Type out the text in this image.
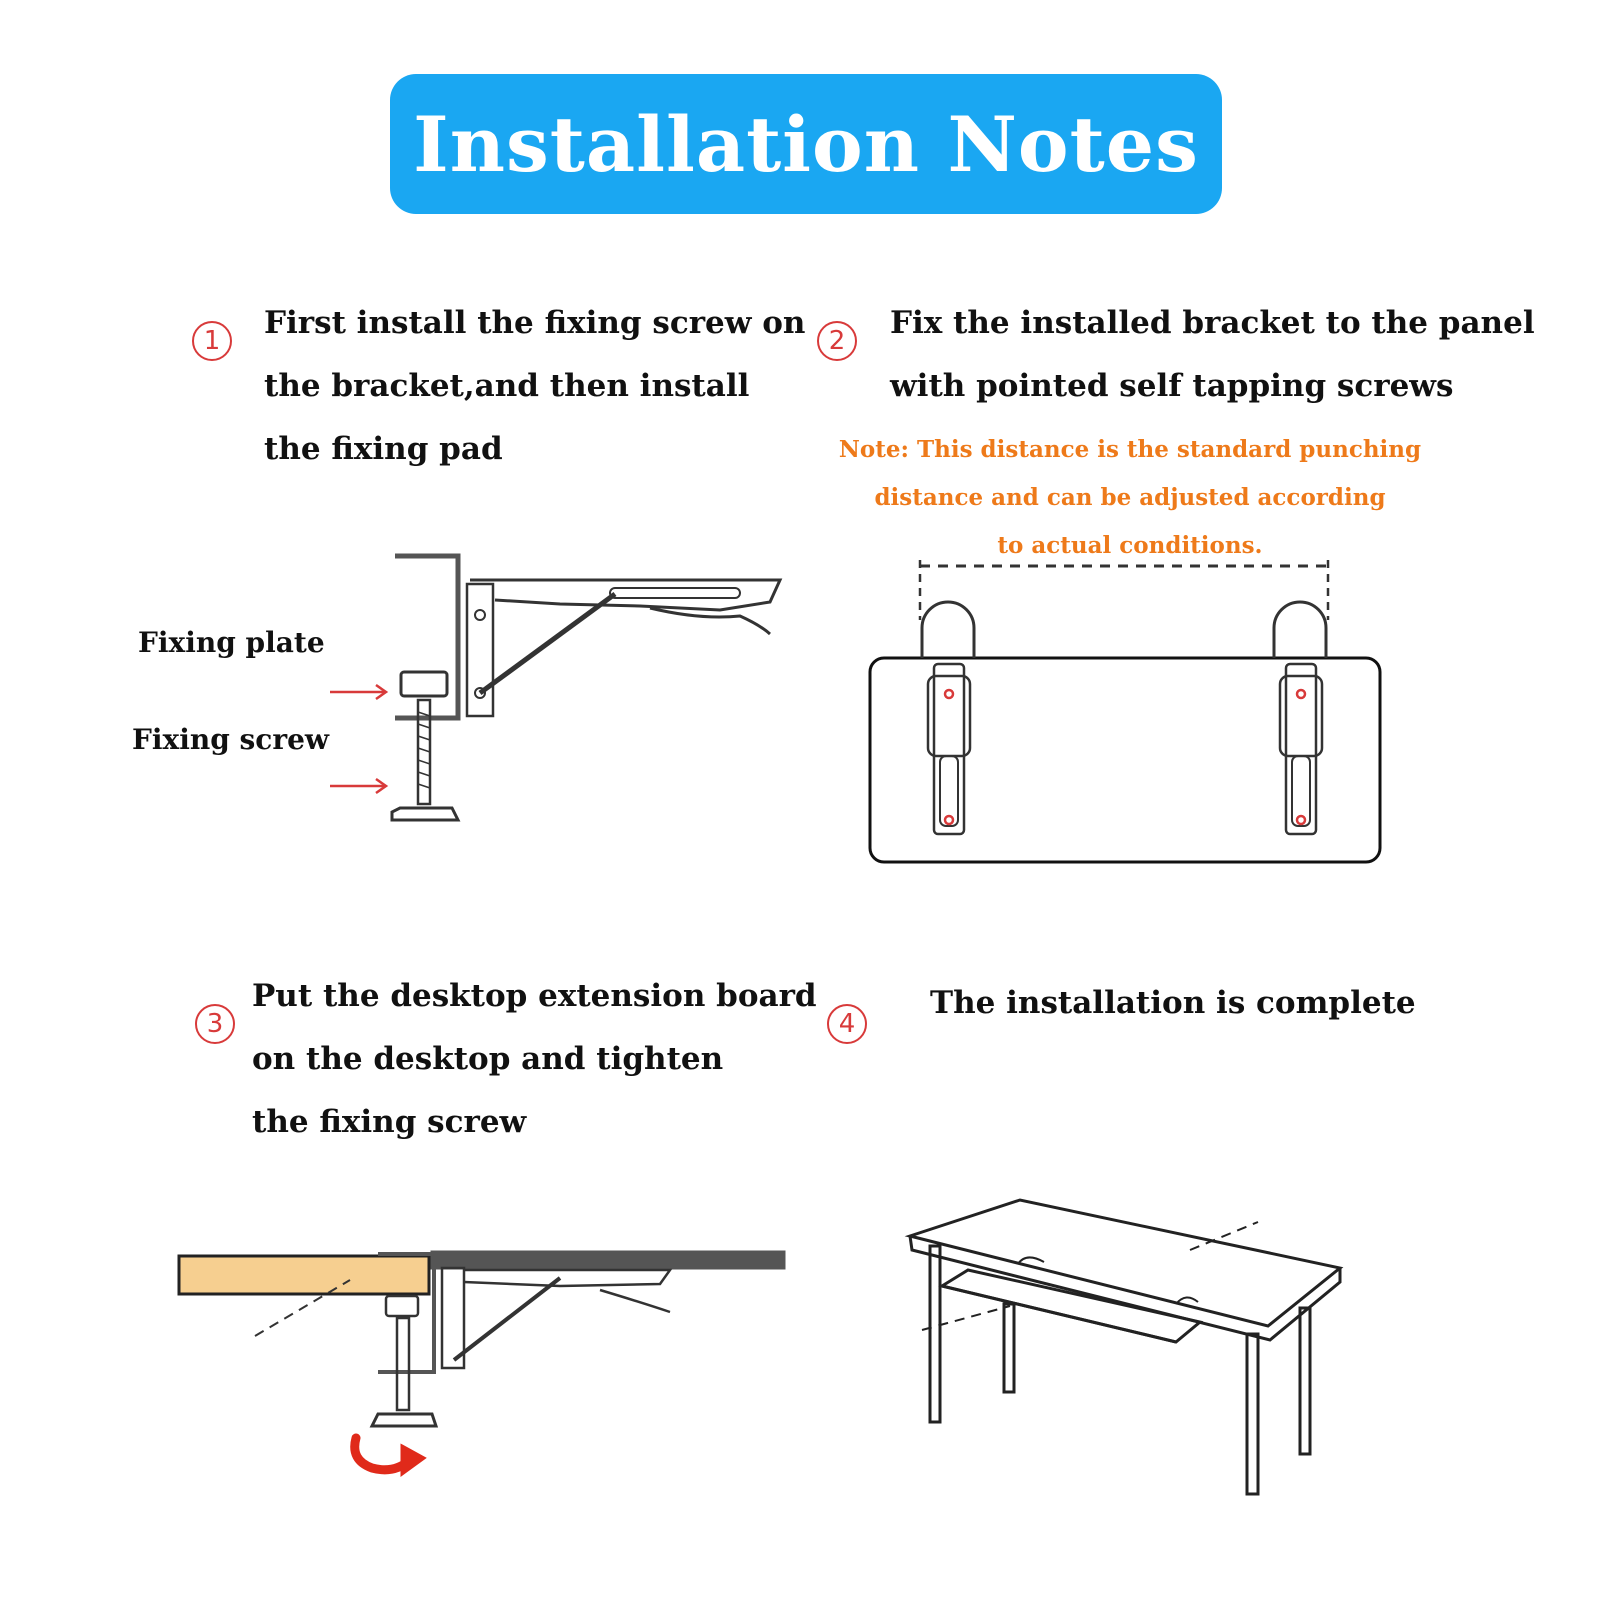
Installation Notes
1	First install the fixing screw on
the bracket,and then install
the fixing pad
2	Fix the installed bracket to the panel
with pointed self tapping screws
Note: This distance is the standard punching
distance and can be adjusted according
to actual conditions.
3
Put the desktop extension board
on the desktop and tighten
the fixing screw
4
The installation is complete
Fixing plate
Fixing screw
